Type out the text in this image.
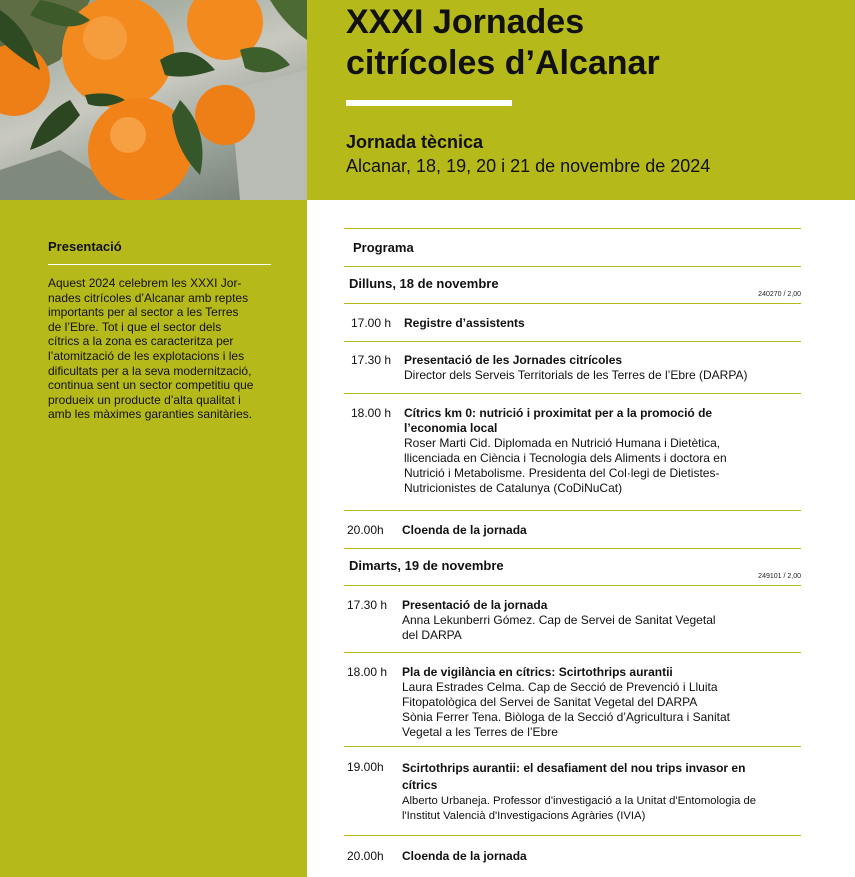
XXXI Jornades
citrícoles d’Alcanar
Jornada tècnica
Alcanar, 18, 19, 20 i 21 de novembre de 2024
Presentació

Aquest 2024 celebrem les XXXI Jor-
nades citrícoles d’Alcanar amb reptes
importants per al sector a les Terres
de l’Ebre. Tot i que el sector dels
cítrics a la zona es caracteritza per
l’atomització de les explotacions i les
dificultats per a la seva modernització,
continua sent un sector competitiu que
produeix un producte d’alta qualitat i
amb les màximes garanties sanitàries.

Programa
Dilluns, 18 de novembre
240270 / 2,00
17.00 h Registre d’assistents
17.30 h Presentació de les Jornades citrícoles
Director dels Serveis Territorials de les Terres de l’Ebre (DARPA)
18.00 h Cítrics km 0: nutrició i proximitat per a la promoció de l’economia local
Roser Marti Cid. Diplomada en Nutrició Humana i Dietètica,
llicenciada en Ciència i Tecnologia dels Aliments i doctora en
Nutrició i Metabolisme. Presidenta del Col·legi de Dietistes-
Nutricionistes de Catalunya (CoDiNuCat)
20.00h Cloenda de la jornada
Dimarts, 19 de novembre
249101 / 2,00
17.30 h Presentació de la jornada
Anna Lekunberri Gómez. Cap de Servei de Sanitat Vegetal
del DARPA
18.00 h Pla de vigilància en cítrics: Scirtothrips aurantii
Laura Estrades Celma. Cap de Secció de Prevenció i Lluita
Fitopatològica del Servei de Sanitat Vegetal del DARPA
Sònia Ferrer Tena. Biòloga de la Secció d’Agricultura i Sanitat
Vegetal a les Terres de l’Ebre
19.00h Scirtothrips aurantii: el desafiament del nou trips invasor en cítrics
Alberto Urbaneja. Professor d'investigació a la Unitat d'Entomologia de
l'Institut Valencià d'Investigacions Agràries (IVIA)
20.00h Cloenda de la jornada
